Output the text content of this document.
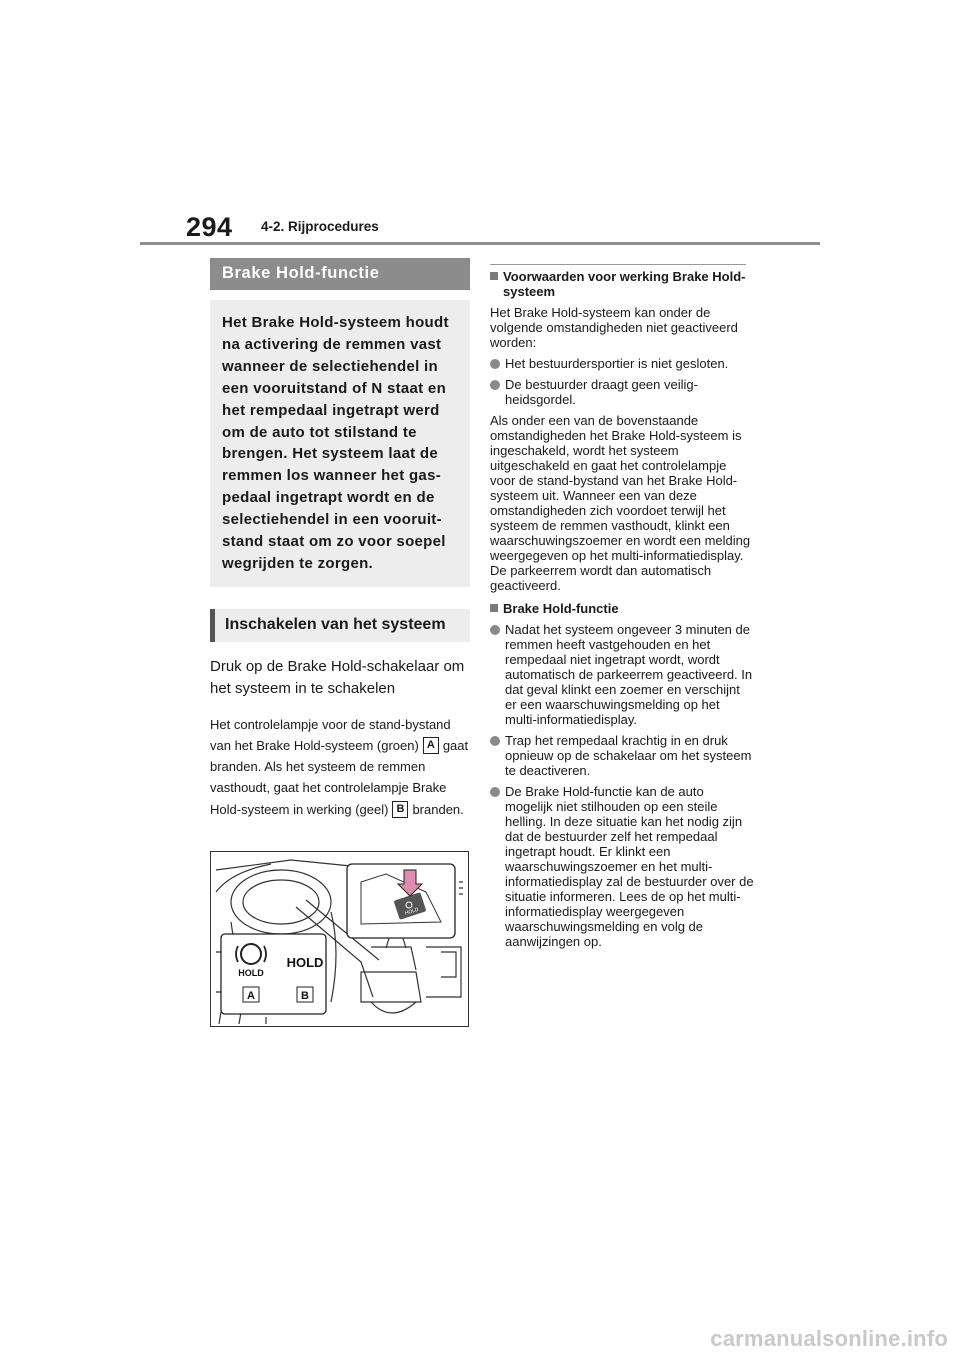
294 4-2. Rijprocedures
Brake Hold-functie
Het Brake Hold-systeem houdt na activering de remmen vast wanneer de selectiehendel in een vooruitstand of N staat en het rempedaal ingetrapt werd om de auto tot stilstand te brengen. Het systeem laat de remmen los wanneer het gaspedaal ingetrapt wordt en de selectiehendel in een vooruitstand staat om zo voor soepel wegrijden te zorgen.
Inschakelen van het systeem
Druk op de Brake Hold-schakelaar om het systeem in te schakelen
Het controlelampje voor de stand-bystand van het Brake Hold-systeem (groen) A gaat branden. Als het systeem de remmen vasthoudt, gaat het controlelampje Brake Hold-systeem in werking (geel) B branden.
HOLD
HOLD
A	B
HOLD
Voorwaarden voor werking Brake Hold-systeem
Het Brake Hold-systeem kan onder de volgende omstandigheden niet geactiveerd worden:
Het bestuurdersportier is niet gesloten.
De bestuurder draagt geen veiligheidsgordel.
Als onder een van de bovenstaande omstandigheden het Brake Hold-systeem is ingeschakeld, wordt het systeem uitgeschakeld en gaat het controlelampje voor de stand-bystand van het Brake Hold-systeem uit. Wanneer een van deze omstandigheden zich voordoet terwijl het systeem de remmen vasthoudt, klinkt een waarschuwingszoemer en wordt een melding weergegeven op het multi-informatiedisplay. De parkeerrem wordt dan automatisch geactiveerd.
Brake Hold-functie
Nadat het systeem ongeveer 3 minuten de remmen heeft vastgehouden en het rempedaal niet ingetrapt wordt, wordt automatisch de parkeerrem geactiveerd. In dat geval klinkt een zoemer en verschijnt er een waarschuwingsmelding op het multi-informatiedisplay.
Trap het rempedaal krachtig in en druk opnieuw op de schakelaar om het systeem te deactiveren.
De Brake Hold-functie kan de auto mogelijk niet stilhouden op een steile helling. In deze situatie kan het nodig zijn dat de bestuurder zelf het rempedaal ingetrapt houdt. Er klinkt een waarschuwingszoemer en het multi-informatiedisplay zal de bestuurder over de situatie informeren. Lees de op het multi-informatiedisplay weergegeven waarschuwingsmelding en volg de aanwijzingen op.
carmanualsonline.info
